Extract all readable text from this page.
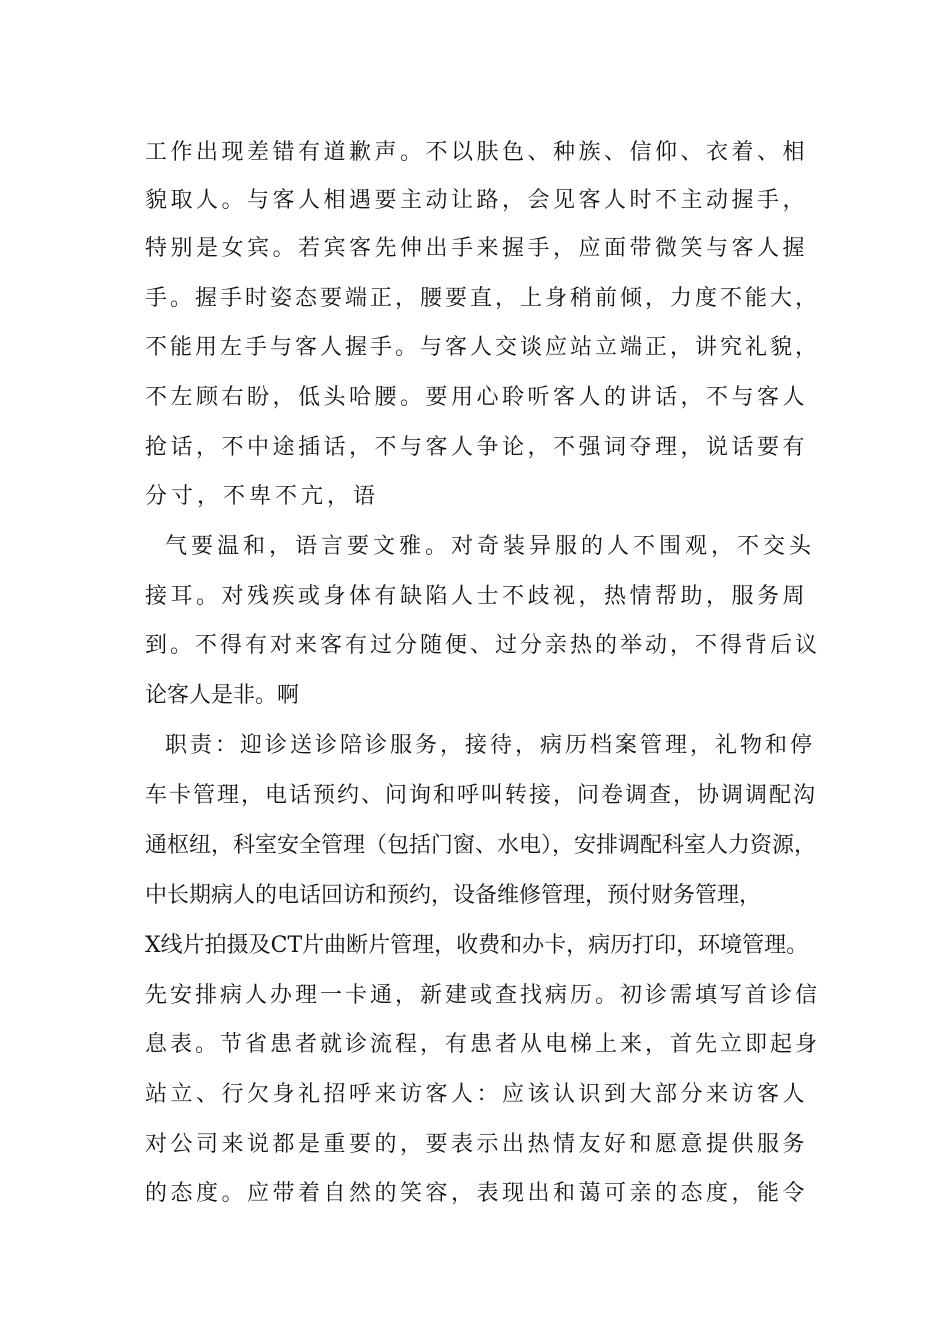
工作出现差错有道歉声。不以肤色、种族、信仰、衣着、相
貌取人。与客人相遇要主动让路，会见客人时不主动握手，
特别是女宾。若宾客先伸出手来握手，应面带微笑与客人握
手。握手时姿态要端正，腰要直，上身稍前倾，力度不能大，
不能用左手与客人握手。与客人交谈应站立端正，讲究礼貌，
不左顾右盼，低头哈腰。要用心聆听客人的讲话，不与客人
抢话，不中途插话，不与客人争论，不强词夺理，说话要有
分寸，不卑不亢，语
气要温和，语言要文雅。对奇装异服的人不围观，不交头
接耳。对残疾或身体有缺陷人士不歧视，热情帮助，服务周
到。不得有对来客有过分随便、过分亲热的举动，不得背后议
论客人是非。啊
职责：迎诊送诊陪诊服务，接待，病历档案管理，礼物和停
车卡管理，电话预约、问询和呼叫转接，问卷调查，协调调配沟
通枢纽，科室安全管理（包括门窗、水电），安排调配科室人力资源，
中长期病人的电话回访和预约，设备维修管理，预付财务管理，
X线片拍摄及CT片曲断片管理，收费和办卡，病历打印，环境管理。
先安排病人办理一卡通，新建或查找病历。初诊需填写首诊信
息表。节省患者就诊流程，有患者从电梯上来，首先立即起身
站立、行欠身礼招呼来访客人：应该认识到大部分来访客人
对公司来说都是重要的，要表示出热情友好和愿意提供服务
的态度。应带着自然的笑容，表现出和蔼可亲的态度，能令
